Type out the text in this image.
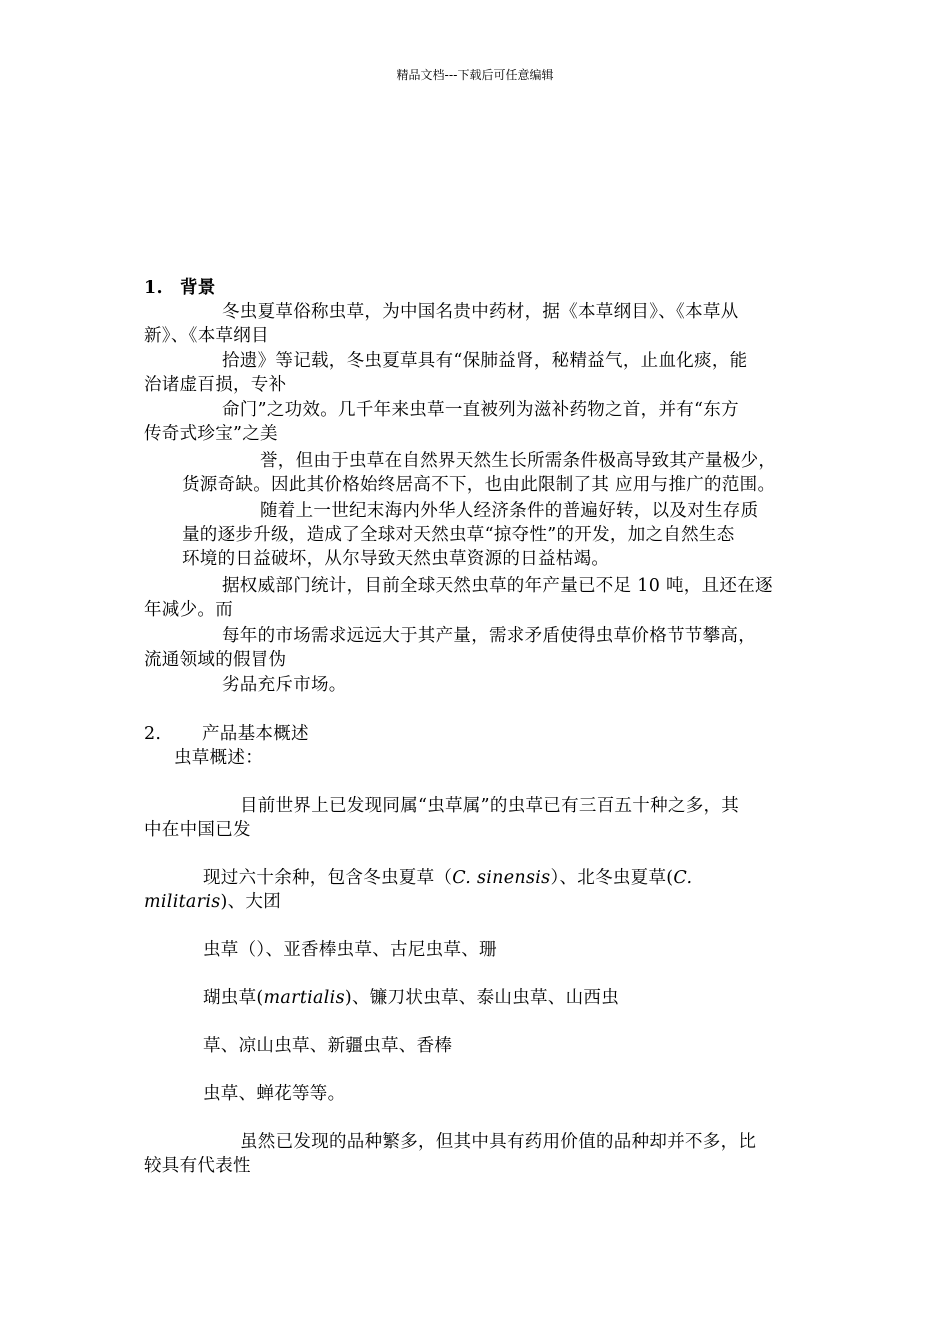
精品文档---下载后可任意编辑
1. 背景
冬虫夏草俗称虫草，为中国名贵中药材，据《本草纲目》、《本草从
新》、《本草纲目
拾遗》等记载，冬虫夏草具有“保肺益肾，秘精益气，止血化痰，能
治诸虚百损，专补
命门”之功效。几千年来虫草一直被列为滋补药物之首，并有“东方
传奇式珍宝”之美
誉，但由于虫草在自然界天然生长所需条件极高导致其产量极少，
货源奇缺。因此其价格始终居高不下，也由此限制了其 应用与推广的范围。
随着上一世纪末海内外华人经济条件的普遍好转，以及对生存质
量的逐步升级，造成了全球对天然虫草“掠夺性”的开发，加之自然生态
环境的日益破坏，从尔导致天然虫草资源的日益枯竭。
据权威部门统计，目前全球天然虫草的年产量已不足 10 吨，且还在逐
年减少。而
每年的市场需求远远大于其产量，需求矛盾使得虫草价格节节攀高，
流通领域的假冒伪
劣品充斥市场。
2. 产品基本概述
虫草概述：
目前世界上已发现同属“虫草属”的虫草已有三百五十种之多，其
中在中国已发
现过六十余种，包含冬虫夏草（C. sinensis）、北冬虫夏草(C.
militaris)、大团
虫草（）、亚香棒虫草、古尼虫草、珊
瑚虫草(martialis)、镰刀状虫草、泰山虫草、山西虫
草、凉山虫草、新疆虫草、香棒
虫草、蝉花等等。
虽然已发现的品种繁多，但其中具有药用价值的品种却并不多，比
较具有代表性
